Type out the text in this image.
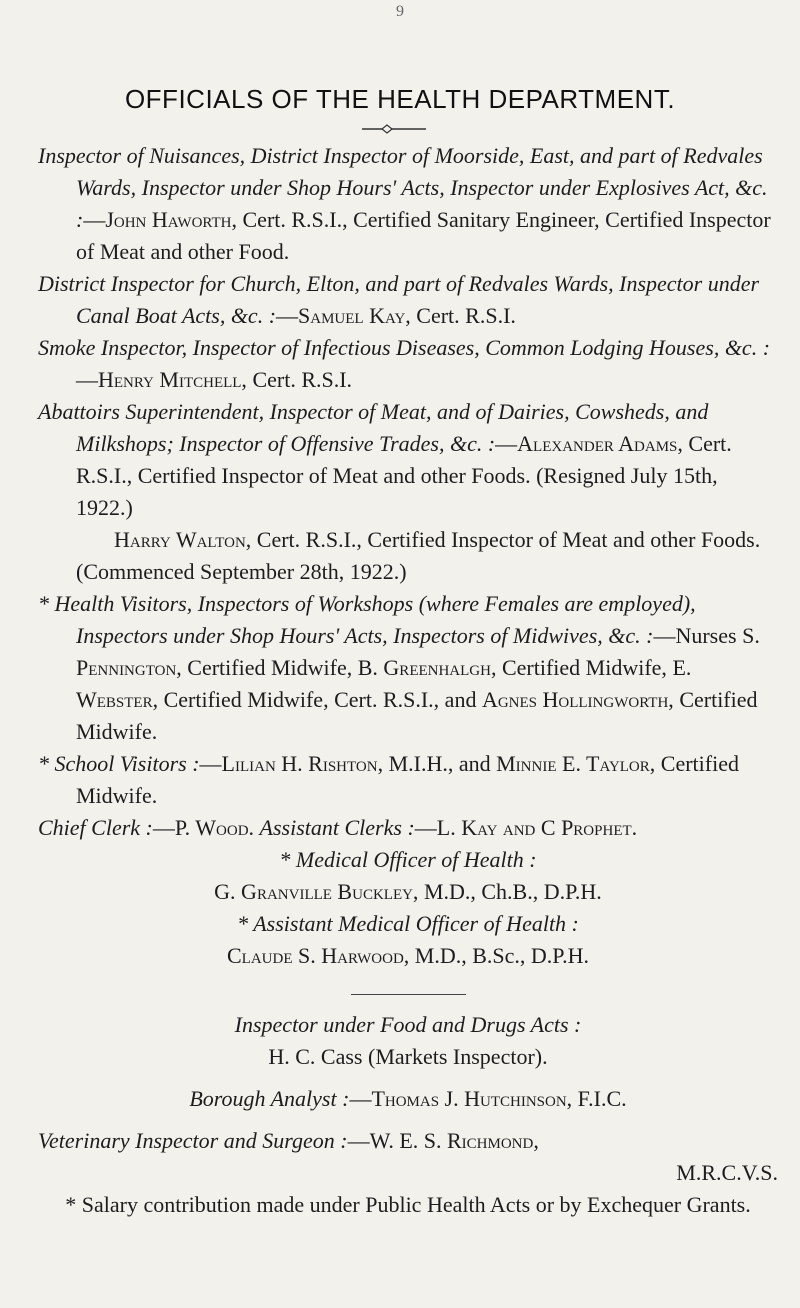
9
OFFICIALS OF THE HEALTH DEPARTMENT.

Inspector of Nuisances, District Inspector of Moorside, East, and part of Redvales Wards, Inspector under Shop Hours' Acts, Inspector under Explosives Act, &c. :—John Haworth, Cert. R.S.I., Certified Sanitary Engineer, Certified Inspector of Meat and other Food.

District Inspector for Church, Elton, and part of Redvales Wards, Inspector under Canal Boat Acts, &c. :—Samuel Kay, Cert. R.S.I.

Smoke Inspector, Inspector of Infectious Diseases, Common Lodging Houses, &c. :—Henry Mitchell, Cert. R.S.I.

Abattoirs Superintendent, Inspector of Meat, and of Dairies, Cowsheds, and Milkshops; Inspector of Offensive Trades, &c. :—Alexander Adams, Cert. R.S.I., Certified Inspector of Meat and other Foods. (Resigned July 15th, 1922.)

Harry Walton, Cert. R.S.I., Certified Inspector of Meat and other Foods. (Commenced September 28th, 1922.)

* Health Visitors, Inspectors of Workshops (where Females are employed), Inspectors under Shop Hours' Acts, Inspectors of Midwives, &c. :—Nurses S. Pennington, Certified Midwife, B. Greenhalgh, Certified Midwife, E. Webster, Certified Midwife, Cert. R.S.I., and Agnes Hollingworth, Certified Midwife.

* School Visitors :—Lilian H. Rishton, M.I.H., and Minnie E. Taylor, Certified Midwife.

Chief Clerk :—P. Wood. Assistant Clerks :—L. Kay and C Prophet.

* Medical Officer of Health :

G. Granville Buckley, M.D., Ch.B., D.P.H.

* Assistant Medical Officer of Health :

Claude S. Harwood, M.D., B.Sc., D.P.H.

Inspector under Food and Drugs Acts :

H. C. Cass (Markets Inspector).

Borough Analyst :—Thomas J. Hutchinson, F.I.C.

Veterinary Inspector and Surgeon :—W. E. S. Richmond,

M.R.C.V.S.

* Salary contribution made under Public Health Acts or by Exchequer Grants.
